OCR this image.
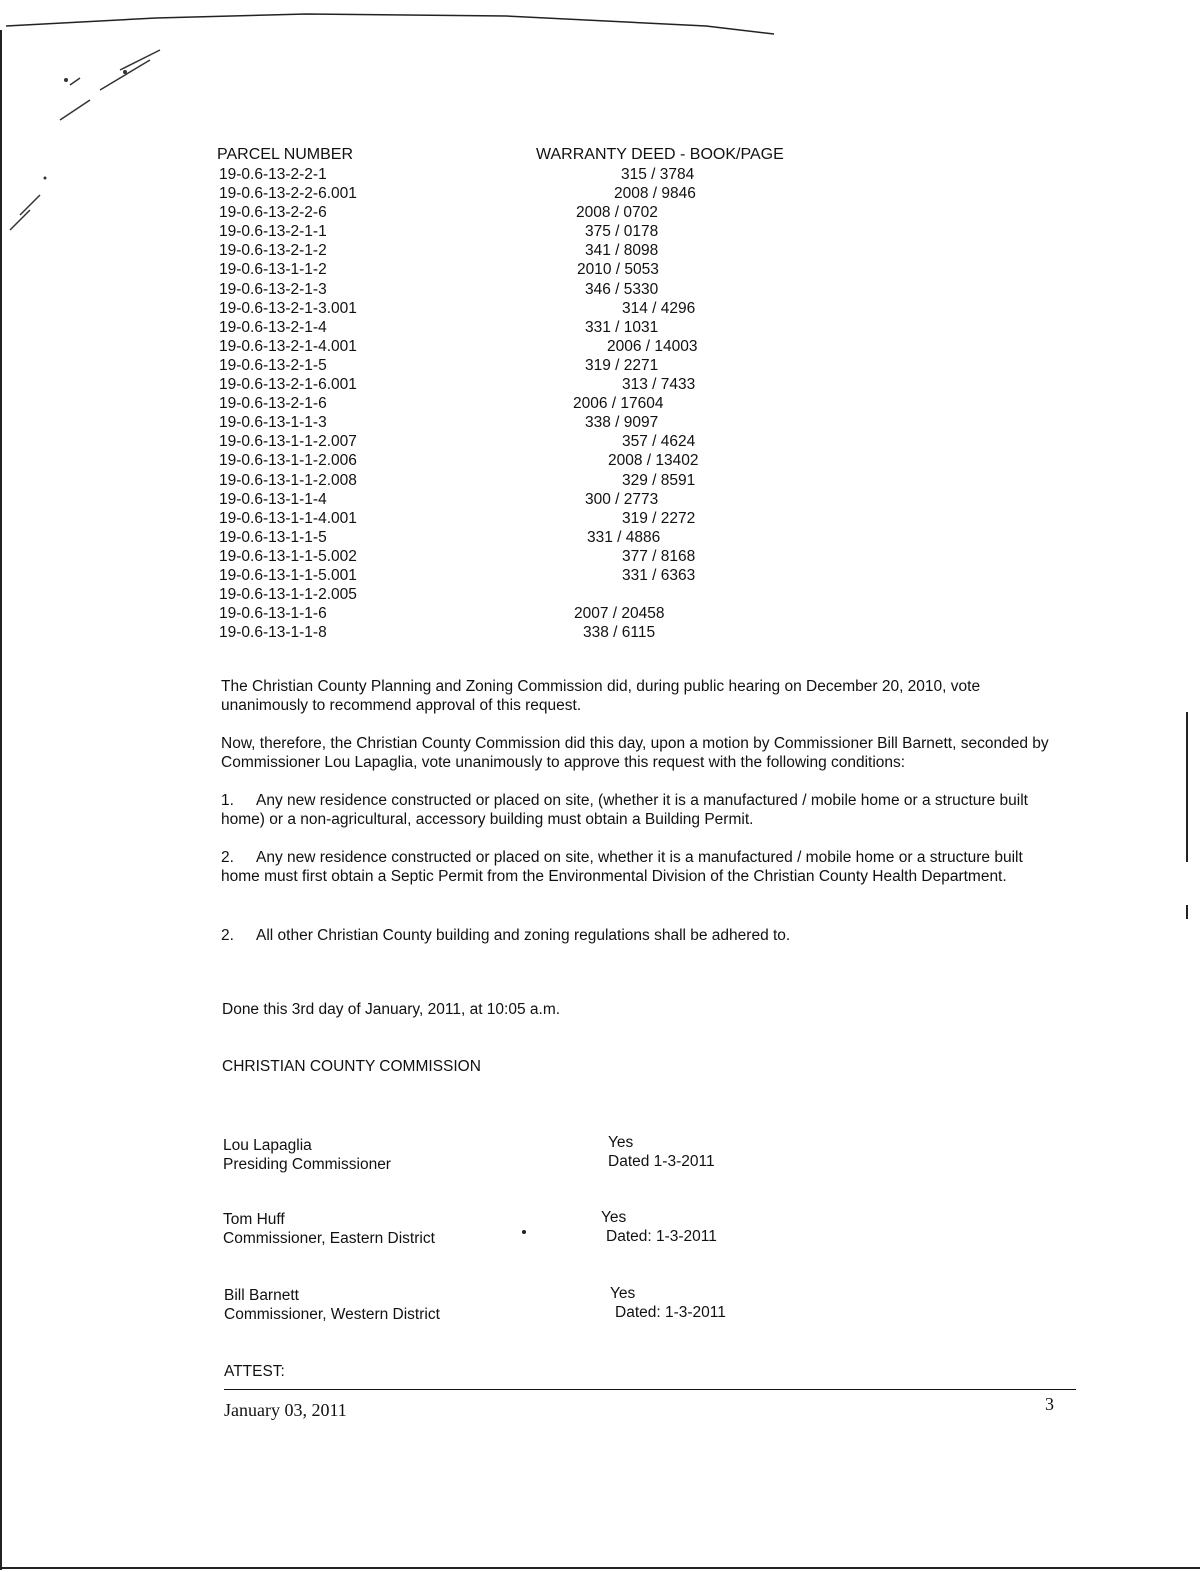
PARCEL NUMBER	WARRANTY DEED - BOOK/PAGE
19-0.6-13-2-2-1	315 / 3784
19-0.6-13-2-2-6.001	2008 / 9846
19-0.6-13-2-2-6	2008 / 0702
19-0.6-13-2-1-1	375 / 0178
19-0.6-13-2-1-2	341 / 8098
19-0.6-13-1-1-2	2010 / 5053
19-0.6-13-2-1-3	346 / 5330
19-0.6-13-2-1-3.001	314 / 4296
19-0.6-13-2-1-4	331 / 1031
19-0.6-13-2-1-4.001	2006 / 14003
19-0.6-13-2-1-5	319 / 2271
19-0.6-13-2-1-6.001	313 / 7433
19-0.6-13-2-1-6	2006 / 17604
19-0.6-13-1-1-3	338 / 9097
19-0.6-13-1-1-2.007	357 / 4624
19-0.6-13-1-1-2.006	2008 / 13402
19-0.6-13-1-1-2.008	329 / 8591
19-0.6-13-1-1-4	300 / 2773
19-0.6-13-1-1-4.001	319 / 2272
19-0.6-13-1-1-5	331 / 4886
19-0.6-13-1-1-5.002	377 / 8168
19-0.6-13-1-1-5.001	331 / 6363
19-0.6-13-1-1-2.005
19-0.6-13-1-1-6	2007 / 20458
19-0.6-13-1-1-8	338 / 6115
The Christian County Planning and Zoning Commission did, during public hearing on December 20, 2010, vote unanimously to recommend approval of this request.
Now, therefore, the Christian County Commission did this day, upon a motion by Commissioner Bill Barnett, seconded by Commissioner Lou Lapaglia, vote unanimously to approve this request with the following conditions:
1. Any new residence constructed or placed on site, (whether it is a manufactured / mobile home or a structure built home) or a non-agricultural, accessory building must obtain a Building Permit.
2. Any new residence constructed or placed on site, whether it is a manufactured / mobile home or a structure built home must first obtain a Septic Permit from the Environmental Division of the Christian County Health Department.
2. All other Christian County building and zoning regulations shall be adhered to.
Done this 3rd day of January, 2011, at 10:05 a.m.
CHRISTIAN COUNTY COMMISSION
Lou Lapaglia
Presiding Commissioner
Yes
Dated 1-3-2011
Tom Huff
Commissioner, Eastern District
Yes
Dated: 1-3-2011
Bill Barnett
Commissioner, Western District
Yes
Dated: 1-3-2011
ATTEST:
January 03, 2011	3
